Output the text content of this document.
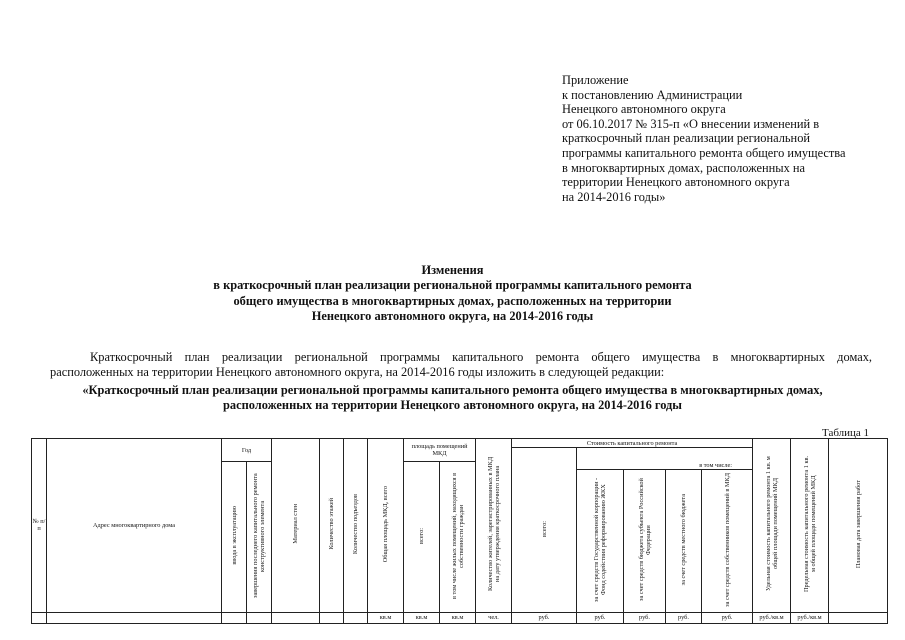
Приложение
к постановлению Администрации
Ненецкого автономного округа
от 06.10.2017 № 315-п «О внесении изменений в
краткосрочный план реализации региональной
программы капитального ремонта общего имущества
в многоквартирных домах, расположенных на
территории Ненецкого автономного округа
на 2014-2016 годы»
Изменения
в краткосрочный план реализации региональной программы капитального ремонта
общего имущества в многоквартирных домах, расположенных на территории
Ненецкого автономного округа, на 2014-2016 годы
Краткосрочный план реализации региональной программы капитального ремонта общего имущества в многоквартирных домах,
расположенных на территории Ненецкого автономного округа, на 2014-2016 годы изложить в следующей редакции:
«Краткосрочный план реализации региональной программы капитального ремонта общего имущества в многоквартирных домах,
расположенных на территории Ненецкого автономного округа, на 2014-2016 годы
Таблица 1
№ п/п	Адрес многоквартирного дома	Год		Материал стен	Количество этажей	Количество подъездов	Общая площадь МКД, всего	площадь помещений МКД		Количество жителей, зарегистрированных в МКД на дату утверждения краткосрочного плана	Стоимость капитального ремонта					Удельная стоимость капитального ремонта 1 кв. м общей площади помещений МКД	Предельная стоимость капитального ремонта 1 кв. м общей площади помещений МКД	Плановая дата завершения работ
											всего:							
		ввода в эксплуатацию	завершения последнего капитального ремонта конструктивного элемента					всего:	в том числе жилых помещений, находящихся в собственности граждан			в том числе:						
												за счет средств Государственной корпорации - Фонд содействия реформированию ЖКХ	за счет средств бюджета субъекта Российской Федерации	за счет средств местного бюджета	за счет средств собственников помещений в МКД			
							кв.м	кв.м	кв.м	чел.	руб.	руб.	руб.	руб.	руб.	руб./кв.м	руб./кв.м	
